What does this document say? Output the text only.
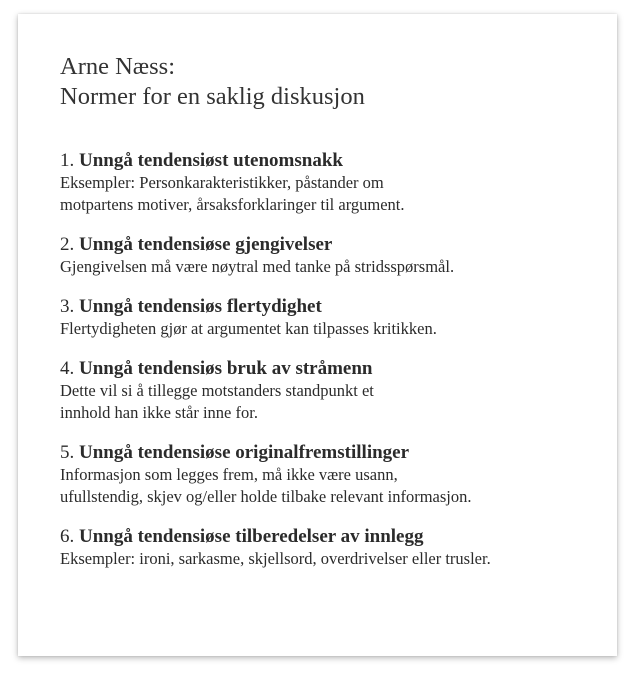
Arne Næss:
Normer for en saklig diskusjon

1. Unngå tendensiøst utenomsnakk

Eksempler: Personkarakteristikker, påstander om
motpartens motiver, årsaksforklaringer til argument.

2. Unngå tendensiøse gjengivelser

Gjengivelsen må være nøytral med tanke på stridsspørsmål.

3. Unngå tendensiøs flertydighet

Flertydigheten gjør at argumentet kan tilpasses kritikken.

4. Unngå tendensiøs bruk av stråmenn

Dette vil si å tillegge motstanders standpunkt et
innhold han ikke står inne for.

5. Unngå tendensiøse originalfremstillinger

Informasjon som legges frem, må ikke være usann,
ufullstendig, skjev og/eller holde tilbake relevant informasjon.

6. Unngå tendensiøse tilberedelser av innlegg

Eksempler: ironi, sarkasme, skjellsord, overdrivelser eller trusler.
